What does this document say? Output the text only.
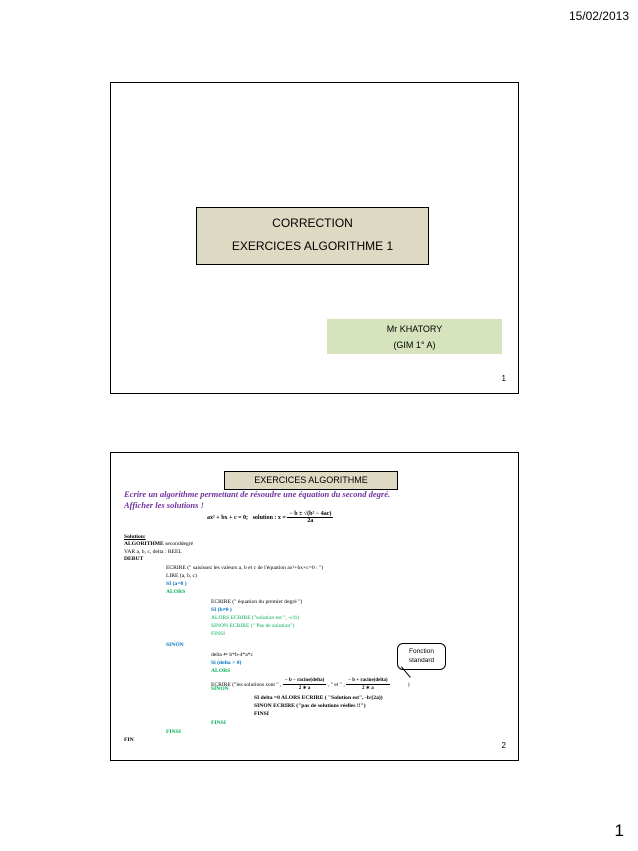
15/02/2013
CORRECTION
EXERCICES ALGORITHME 1
Mr KHATORY
(GIM 1° A)
1
EXERCICES ALGORITHME
Ecrire un algorithme permettant de résoudre une équation du second degré.
Afficher les solutions !
ax² + bx + c = 0; solution : $x = \frac{\text{− b ± √(b² − 4ac)}}{2a}$
Solution:
ALGORITHME seconddegré
VAR a, b, c, delta : REEL
DEBUT
ECRIRE (" saisissez les valeurs a, b et c de l'équation ax²+bx+c=0 : ")
LIRE (a, b, c)
SI (a=0 )
ALORS
ECRIRE (" équation du premier degré ")
SI (b≠0 )
ALORS ECRIRE ("solution est ", -c/b)
SINON ECRIRE (" Pas de solution")
FINSI
SINON
delta ⇐ b*b-4*a*c
Si (delta > 0)
ALORS
ECRIRE ("les solutions sont " , $\frac{\text{− b − racine(delta)}}{2 ∗ a}$ , " et " , $\frac{\text{− b + racine(delta)}}{2 ∗ a}$	)
SINON
SI delta =0 ALORS ECRIRE ( "Solution est", -b/(2a))
SINON ECRIRE ("pas de solutions réelles !!")
FINSI
FINSI
FINSI
FIN
Fonction
standard
2
1
